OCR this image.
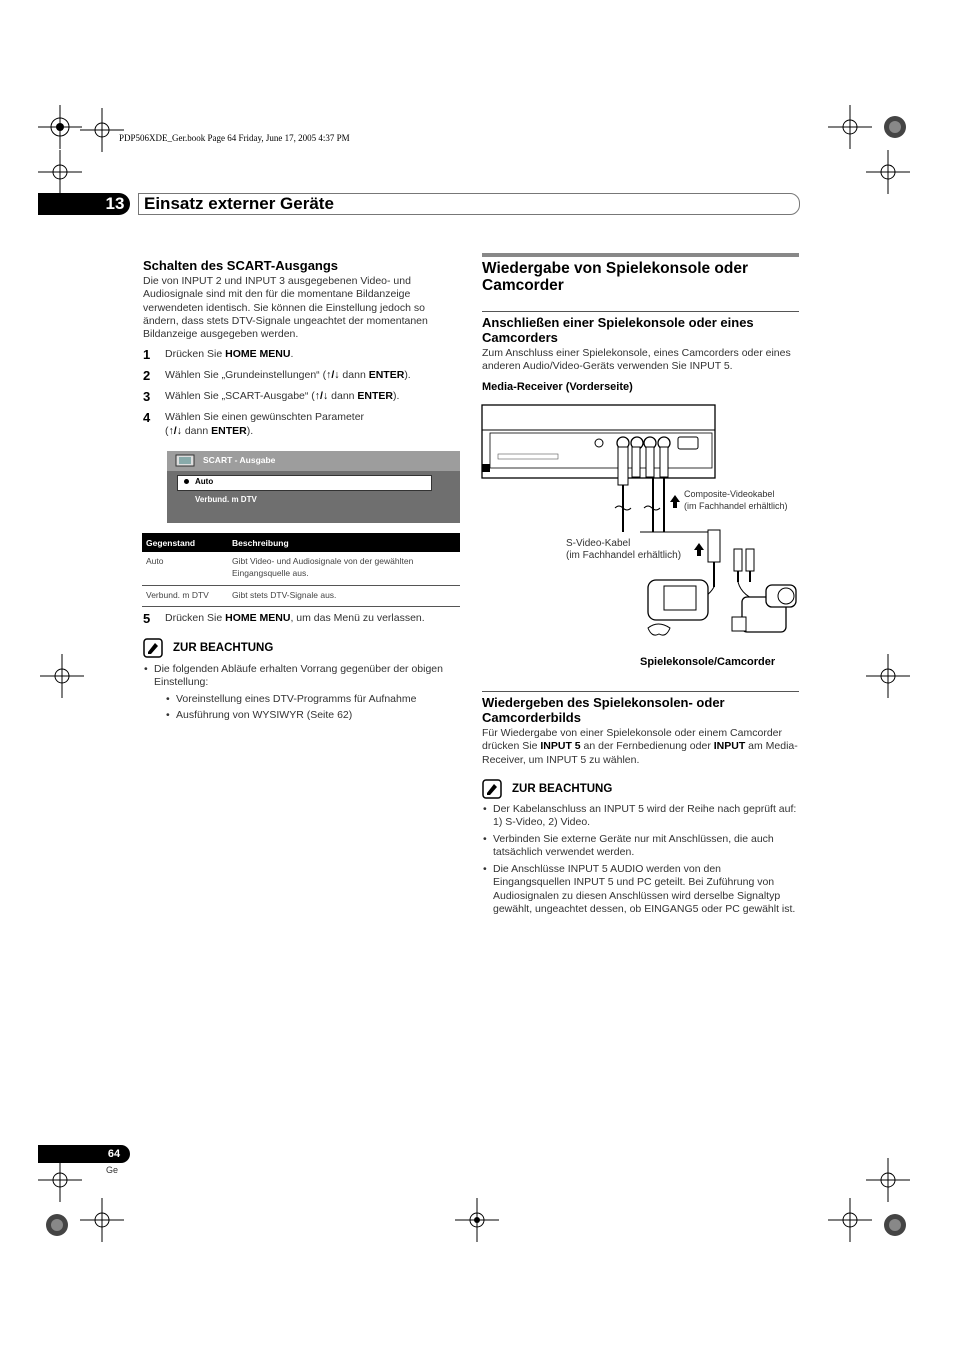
PDP506XDE_Ger.book Page 64 Friday, June 17, 2005 4:37 PM
13	Einsatz externer Geräte
Schalten des SCART-Ausgangs

Die von INPUT 2 und INPUT 3 ausgegebenen Video- und Audiosignale sind mit den für die momentane Bildanzeige verwendeten identisch. Sie können die Einstellung jedoch so ändern, dass stets DTV-Signale ungeachtet der momentanen Bildanzeige ausgegeben werden.

1 Drücken Sie HOME MENU.
2 Wählen Sie „Grundeinstellungen“ (↑/↓ dann ENTER).
3 Wählen Sie „SCART-Ausgabe“ (↑/↓ dann ENTER).
4 Wählen Sie einen gewünschten Parameter
(↑/↓ dann ENTER).
SCART - Ausgabe
Auto
Verbund. m DTV
Gegenstand	Beschreibung
Auto	Gibt Video- und Audiosignale von der gewählten Eingangsquelle aus.
Verbund. m DTV	Gibt stets DTV-Signale aus.
5 Drücken Sie HOME MENU, um das Menü zu verlassen.
ZUR BEACHTUNG
• Die folgenden Abläufe erhalten Vorrang gegenüber der obigen Einstellung:
• Voreinstellung eines DTV-Programms für Aufnahme
• Ausführung von WYSIWYR (Seite 62)
Wiedergabe von Spielekonsole oder Camcorder
Anschließen einer Spielekonsole oder eines Camcorders

Zum Anschluss einer Spielekonsole, eines Camcorders oder eines anderen Audio/Video-Geräts verwenden Sie INPUT 5.

Media-Receiver (Vorderseite)
Composite-Videokabel
(im Fachhandel erhältlich)
S-Video-Kabel
(im Fachhandel erhältlich)
Spielekonsole/Camcorder
Wiedergeben des Spielekonsolen- oder Camcorderbilds

Für Wiedergabe von einer Spielekonsole oder einem Camcorder drücken Sie INPUT 5 an der Fernbedienung oder INPUT am Media-Receiver, um INPUT 5 zu wählen.

ZUR BEACHTUNG
• Der Kabelanschluss an INPUT 5 wird der Reihe nach geprüft auf: 1) S-Video, 2) Video.
• Verbinden Sie externe Geräte nur mit Anschlüssen, die auch tatsächlich verwendet werden.
• Die Anschlüsse INPUT 5 AUDIO werden von den Eingangsquellen INPUT 5 und PC geteilt. Bei Zuführung von Audiosignalen zu diesen Anschlüssen wird derselbe Signaltyp gewählt, ungeachtet dessen, ob EINGANG5 oder PC gewählt ist.
64
Ge
